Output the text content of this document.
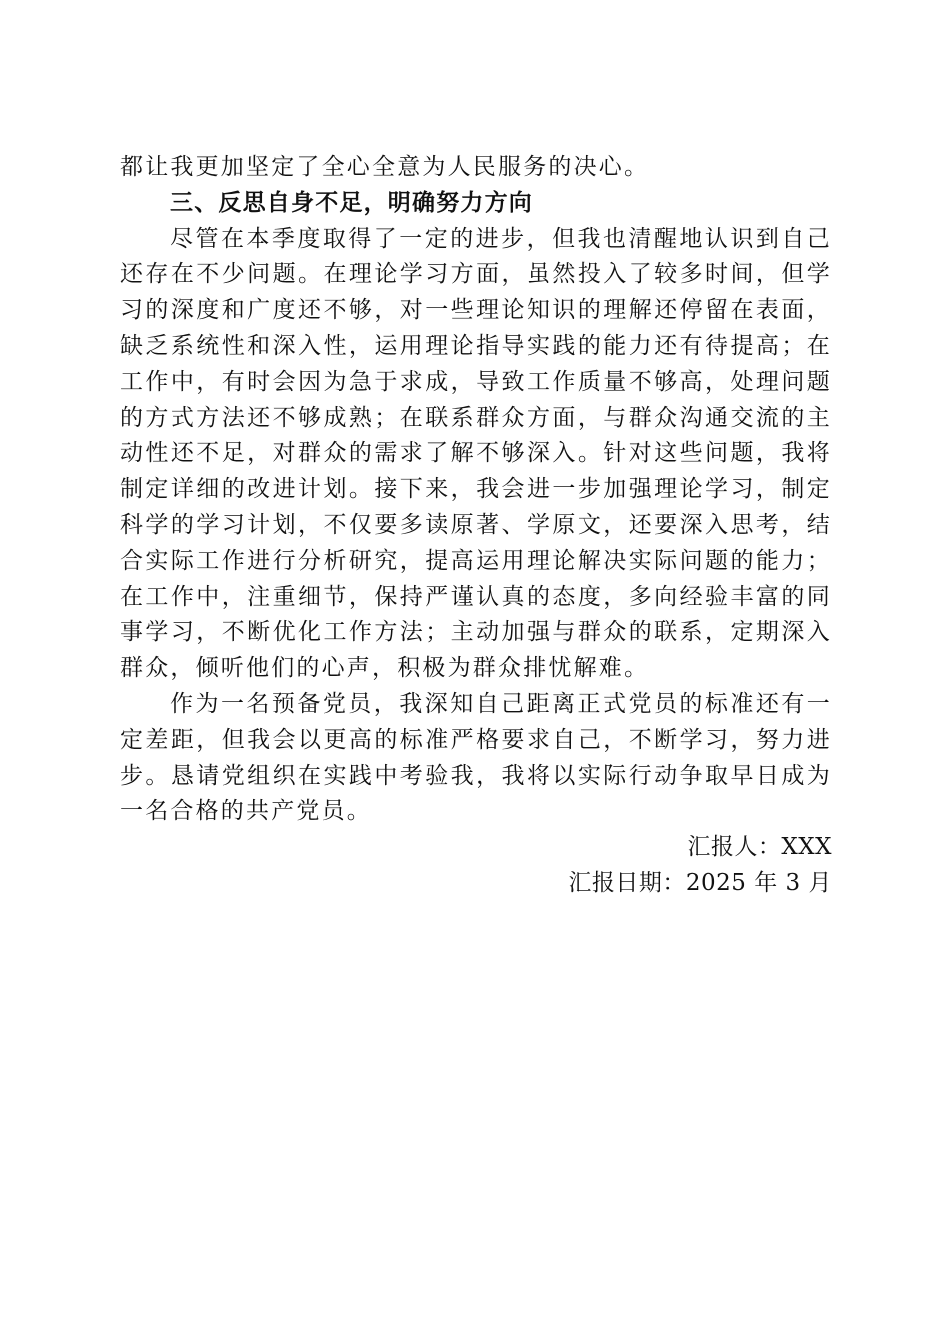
都让我更加坚定了全心全意为人民服务的决心。

三、反思自身不足，明确努力方向

尽管在本季度取得了一定的进步，但我也清醒地认识到自己还存在不少问题。在理论学习方面，虽然投入了较多时间，但学习的深度和广度还不够，对一些理论知识的理解还停留在表面，缺乏系统性和深入性，运用理论指导实践的能力还有待提高；在工作中，有时会因为急于求成，导致工作质量不够高，处理问题的方式方法还不够成熟；在联系群众方面，与群众沟通交流的主动性还不足，对群众的需求了解不够深入。针对这些问题，我将制定详细的改进计划。接下来，我会进一步加强理论学习，制定科学的学习计划，不仅要多读原著、学原文，还要深入思考，结合实际工作进行分析研究，提高运用理论解决实际问题的能力；在工作中，注重细节，保持严谨认真的态度，多向经验丰富的同事学习，不断优化工作方法；主动加强与群众的联系，定期深入群众，倾听他们的心声，积极为群众排忧解难。

作为一名预备党员，我深知自己距离正式党员的标准还有一定差距，但我会以更高的标准严格要求自己，不断学习，努力进步。恳请党组织在实践中考验我，我将以实际行动争取早日成为一名合格的共产党员。

汇报人：XXX

汇报日期：2025 年 3 月
